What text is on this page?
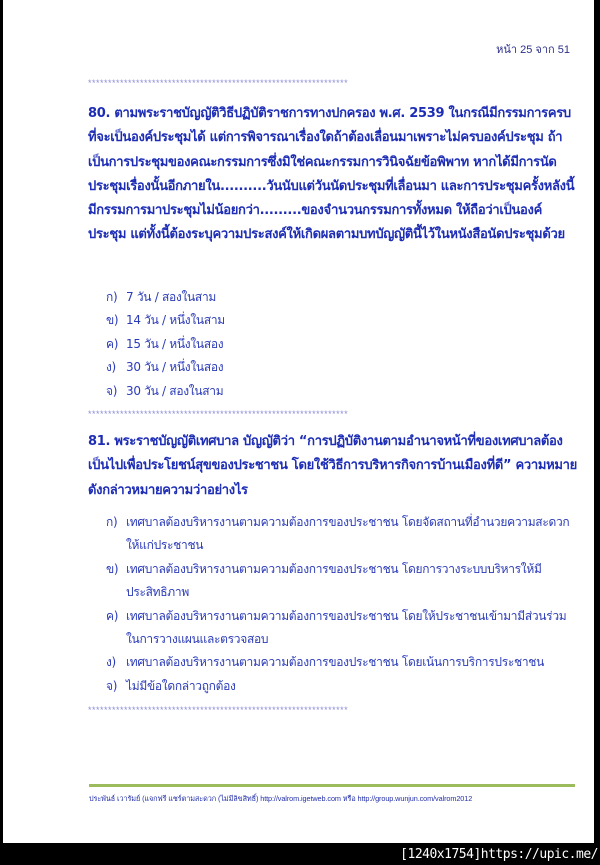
หน้า 25 จาก 51
*****************************************************************
80. ตามพระราชบัญญัติวิธีปฏิบัติราชการทางปกครอง พ.ศ. 2539 ในกรณีมีกรรมการครบที่จะเป็นองค์ประชุมได้ แต่การพิจารณาเรื่องใดถ้าต้องเลื่อนมาเพราะไม่ครบองค์ประชุม ถ้าเป็นการประชุมของคณะกรรมการซึ่งมิใช่คณะกรรมการวินิจฉัยข้อพิพาท หากได้มีการนัดประชุมเรื่องนั้นอีกภายใน..........วันนับแต่วันนัดประชุมที่เลื่อนมา และการประชุมครั้งหลังนี้มีกรรมการมาประชุมไม่น้อยกว่า.........ของจำนวนกรรมการทั้งหมด ให้ถือว่าเป็นองค์ประชุม แต่ทั้งนี้ต้องระบุความประสงค์ให้เกิดผลตามบทบัญญัตินี้ไว้ในหนังสือนัดประชุมด้วย
ก) 7 วัน / สองในสาม
ข) 14 วัน / หนึ่งในสาม
ค) 15 วัน / หนึ่งในสอง
ง) 30 วัน / หนึ่งในสอง
จ) 30 วัน / สองในสาม
*****************************************************************
81. พระราชบัญญัติเทศบาล บัญญัติว่า “การปฏิบัติงานตามอำนาจหน้าที่ของเทศบาลต้องเป็นไปเพื่อประโยชน์สุขของประชาชน โดยใช้วิธีการบริหารกิจการบ้านเมืองที่ดี” ความหมายดังกล่าวหมายความว่าอย่างไร
ก) เทศบาลต้องบริหารงานตามความต้องการของประชาชน โดยจัดสถานที่อำนวยความสะดวกให้แก่ประชาชน
ข) เทศบาลต้องบริหารงานตามความต้องการของประชาชน โดยการวางระบบบริหารให้มีประสิทธิภาพ
ค) เทศบาลต้องบริหารงานตามความต้องการของประชาชน โดยให้ประชาชนเข้ามามีส่วนร่วมในการวางแผนและตรวจสอบ
ง) เทศบาลต้องบริหารงานตามความต้องการของประชาชน โดยเน้นการบริการประชาชน
จ) ไม่มีข้อใดกล่าวถูกต้อง
*****************************************************************
ประพันธ์ เวารัมย์ (แจกฟรี แชร์ตามสะดวก (ไม่มีลิขสิทธิ์) http://valrom.igetweb.com หรือ http://group.wunjun.com/valrom2012
[1240x1754]https://upic.me/
